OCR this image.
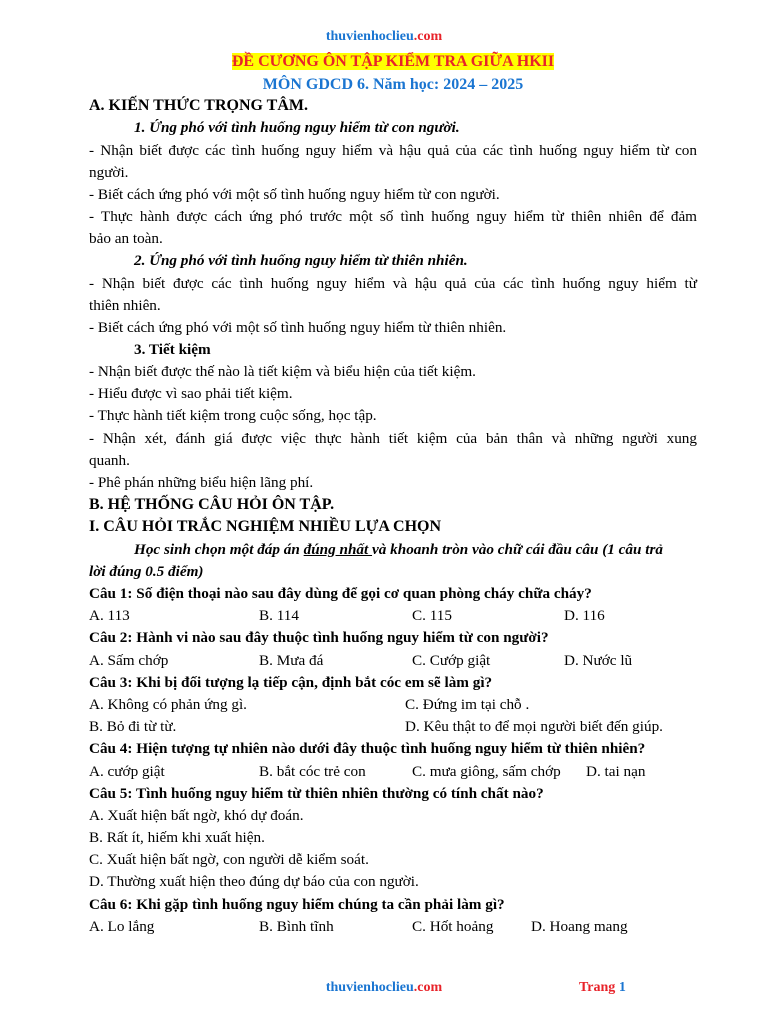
thuvienhoclieu.com
ĐỀ CƯƠNG ÔN TẬP KIỂM TRA GIỮA HKII
MÔN GDCD 6. Năm học: 2024 – 2025
A. KIẾN THỨC TRỌNG TÂM.
1. Ứng phó với tình huống nguy hiểm từ con người.
- Nhận biết được các tình huống nguy hiểm và hậu quả của các tình huống nguy hiểm từ con
người.
- Biết cách ứng phó với một số tình huống nguy hiểm từ con người.
- Thực hành được cách ứng phó trước một số tình huống nguy hiểm từ thiên nhiên để đảm
bảo an toàn.
2. Ứng phó với tình huống nguy hiểm từ thiên nhiên.
- Nhận biết được các tình huống nguy hiểm và hậu quả của các tình huống nguy hiểm từ
thiên nhiên.
- Biết cách ứng phó với một số tình huống nguy hiểm từ thiên nhiên.
3. Tiết kiệm
- Nhận biết được thế nào là tiết kiệm và biểu hiện của tiết kiệm.
- Hiểu được vì sao phải tiết kiệm.
- Thực hành tiết kiệm trong cuộc sống, học tập.
- Nhận xét, đánh giá được việc thực hành tiết kiệm của bản thân và những người xung
quanh.
- Phê phán những biểu hiện lãng phí.
B. HỆ THỐNG CÂU HỎI ÔN TẬP.
I. CÂU HỎI TRẮC NGHIỆM NHIỀU LỰA CHỌN
Học sinh chọn một đáp án đúng nhất và khoanh tròn vào chữ cái đầu câu (1 câu trả
lời đúng 0.5 điểm)
Câu 1: Số điện thoại nào sau đây dùng để gọi cơ quan phòng cháy chữa cháy?
A. 113	B. 114	C. 115	D. 116
Câu 2: Hành vi nào sau đây thuộc tình huống nguy hiểm từ con người?
A. Sấm chớp	B. Mưa đá	C. Cướp giật	D. Nước lũ
Câu 3: Khi bị đối tượng lạ tiếp cận, định bắt cóc em sẽ làm gì?
A. Không có phản ứng gì.	C. Đứng im tại chỗ .
B. Bỏ đi từ từ.	D. Kêu thật to để mọi người biết đến giúp.
Câu 4: Hiện tượng tự nhiên nào dưới đây thuộc tình huống nguy hiểm từ thiên nhiên?
A. cướp giật	B. bắt cóc trẻ con	C. mưa giông, sấm chớp D. tai nạn
Câu 5: Tình huống nguy hiểm từ thiên nhiên thường có tính chất nào?
A. Xuất hiện bất ngờ, khó dự đoán.
B. Rất ít, hiếm khi xuất hiện.
C. Xuất hiện bất ngờ, con người dễ kiểm soát.
D. Thường xuất hiện theo đúng dự báo của con người.
Câu 6: Khi gặp tình huống nguy hiểm chúng ta cần phải làm gì?
A. Lo lắng	B. Bình tĩnh	C. Hốt hoảng D. Hoang mang
thuvienhoclieu.com	Trang 1
